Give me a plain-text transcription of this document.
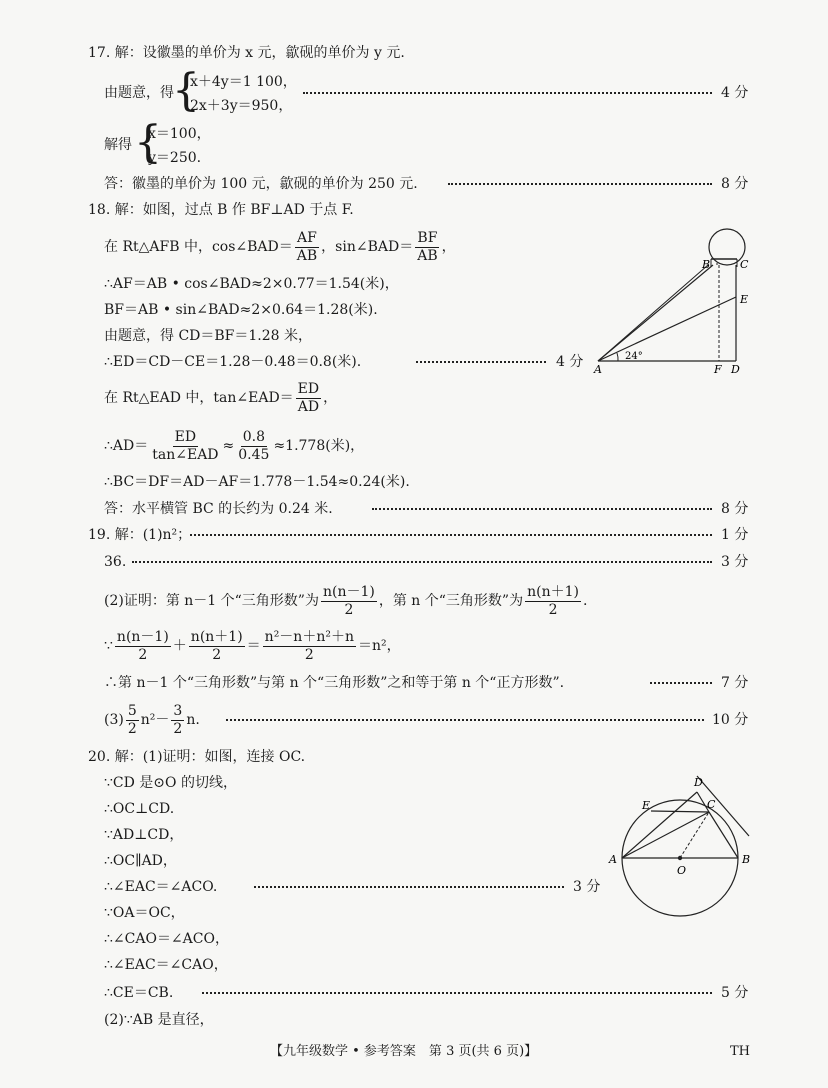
17. 解：设徽墨的单价为 x 元，歙砚的单价为 y 元.
由题意，得
{
x＋4y＝1 100，
2x＋3y＝950，
4 分
解得 {
x＝100，
y＝250.
答：徽墨的单价为 100 元，歙砚的单价为 250 元.	8 分
18. 解：如图，过点 B 作 BF⊥AD 于点 F.
在 Rt△AFB 中，cos∠BAD＝ $\frac{AF}{AB}$ ，sin∠BAD＝ $\frac{BF}{AB}$ ，
∴AF＝AB • cos∠BAD≈2×0.77＝1.54(米)，
BF＝AB • sin∠BAD≈2×0.64＝1.28(米).
由题意，得 CD＝BF＝1.28 米，
∴ED＝CD－CE＝1.28－0.48＝0.8(米).	4 分
在 Rt△EAD 中，tan∠EAD＝ $\frac{ED}{AD}$ ，
∴AD＝ $\frac{ED}{\text{tan∠EAD}} \approx \frac{0.8}{0.45} \approx 1.778$(米)，
∴BC＝DF＝AD－AF＝1.778－1.54≈0.24(米).
答：水平横管 BC 的长约为 0.24 米.	8 分
B	C
E
A	F D
24°
19. 解：(1)n²；	1 分
36.	3 分
(2)证明：第 n－1 个“三角形数”为 $\frac{n(n-1)}{2}$ ，第 n 个“三角形数”为 $\frac{n(n+1)}{2}$ .
∵ $\frac{n(n-1)}{2} + \frac{n(n+1)}{2} = \frac{\text{n²－n＋n²＋n}}{2} =n^2$，
∴第 n－1 个“三角形数”与第 n 个“三角形数”之和等于第 n 个“正方形数”.	7 分
$(3) \frac{5}{2} n^2- \frac{3}{2} n$.	10 分
20. 解：(1)证明：如图，连接 OC.
∵CD 是⊙O 的切线，
∴OC⊥CD.
∵AD⊥CD，
∴OC∥AD，
∴∠EAC＝∠ACO.	3 分
∵OA＝OC，
∴∠CAO＝∠ACO，
∴∠EAC＝∠CAO，
∴CE＝CB.	5 分
(2)∵AB 是直径，
D
E	C
A
O
B
【九年级数学 • 参考答案　第 3 页(共 6 页)】	TH
